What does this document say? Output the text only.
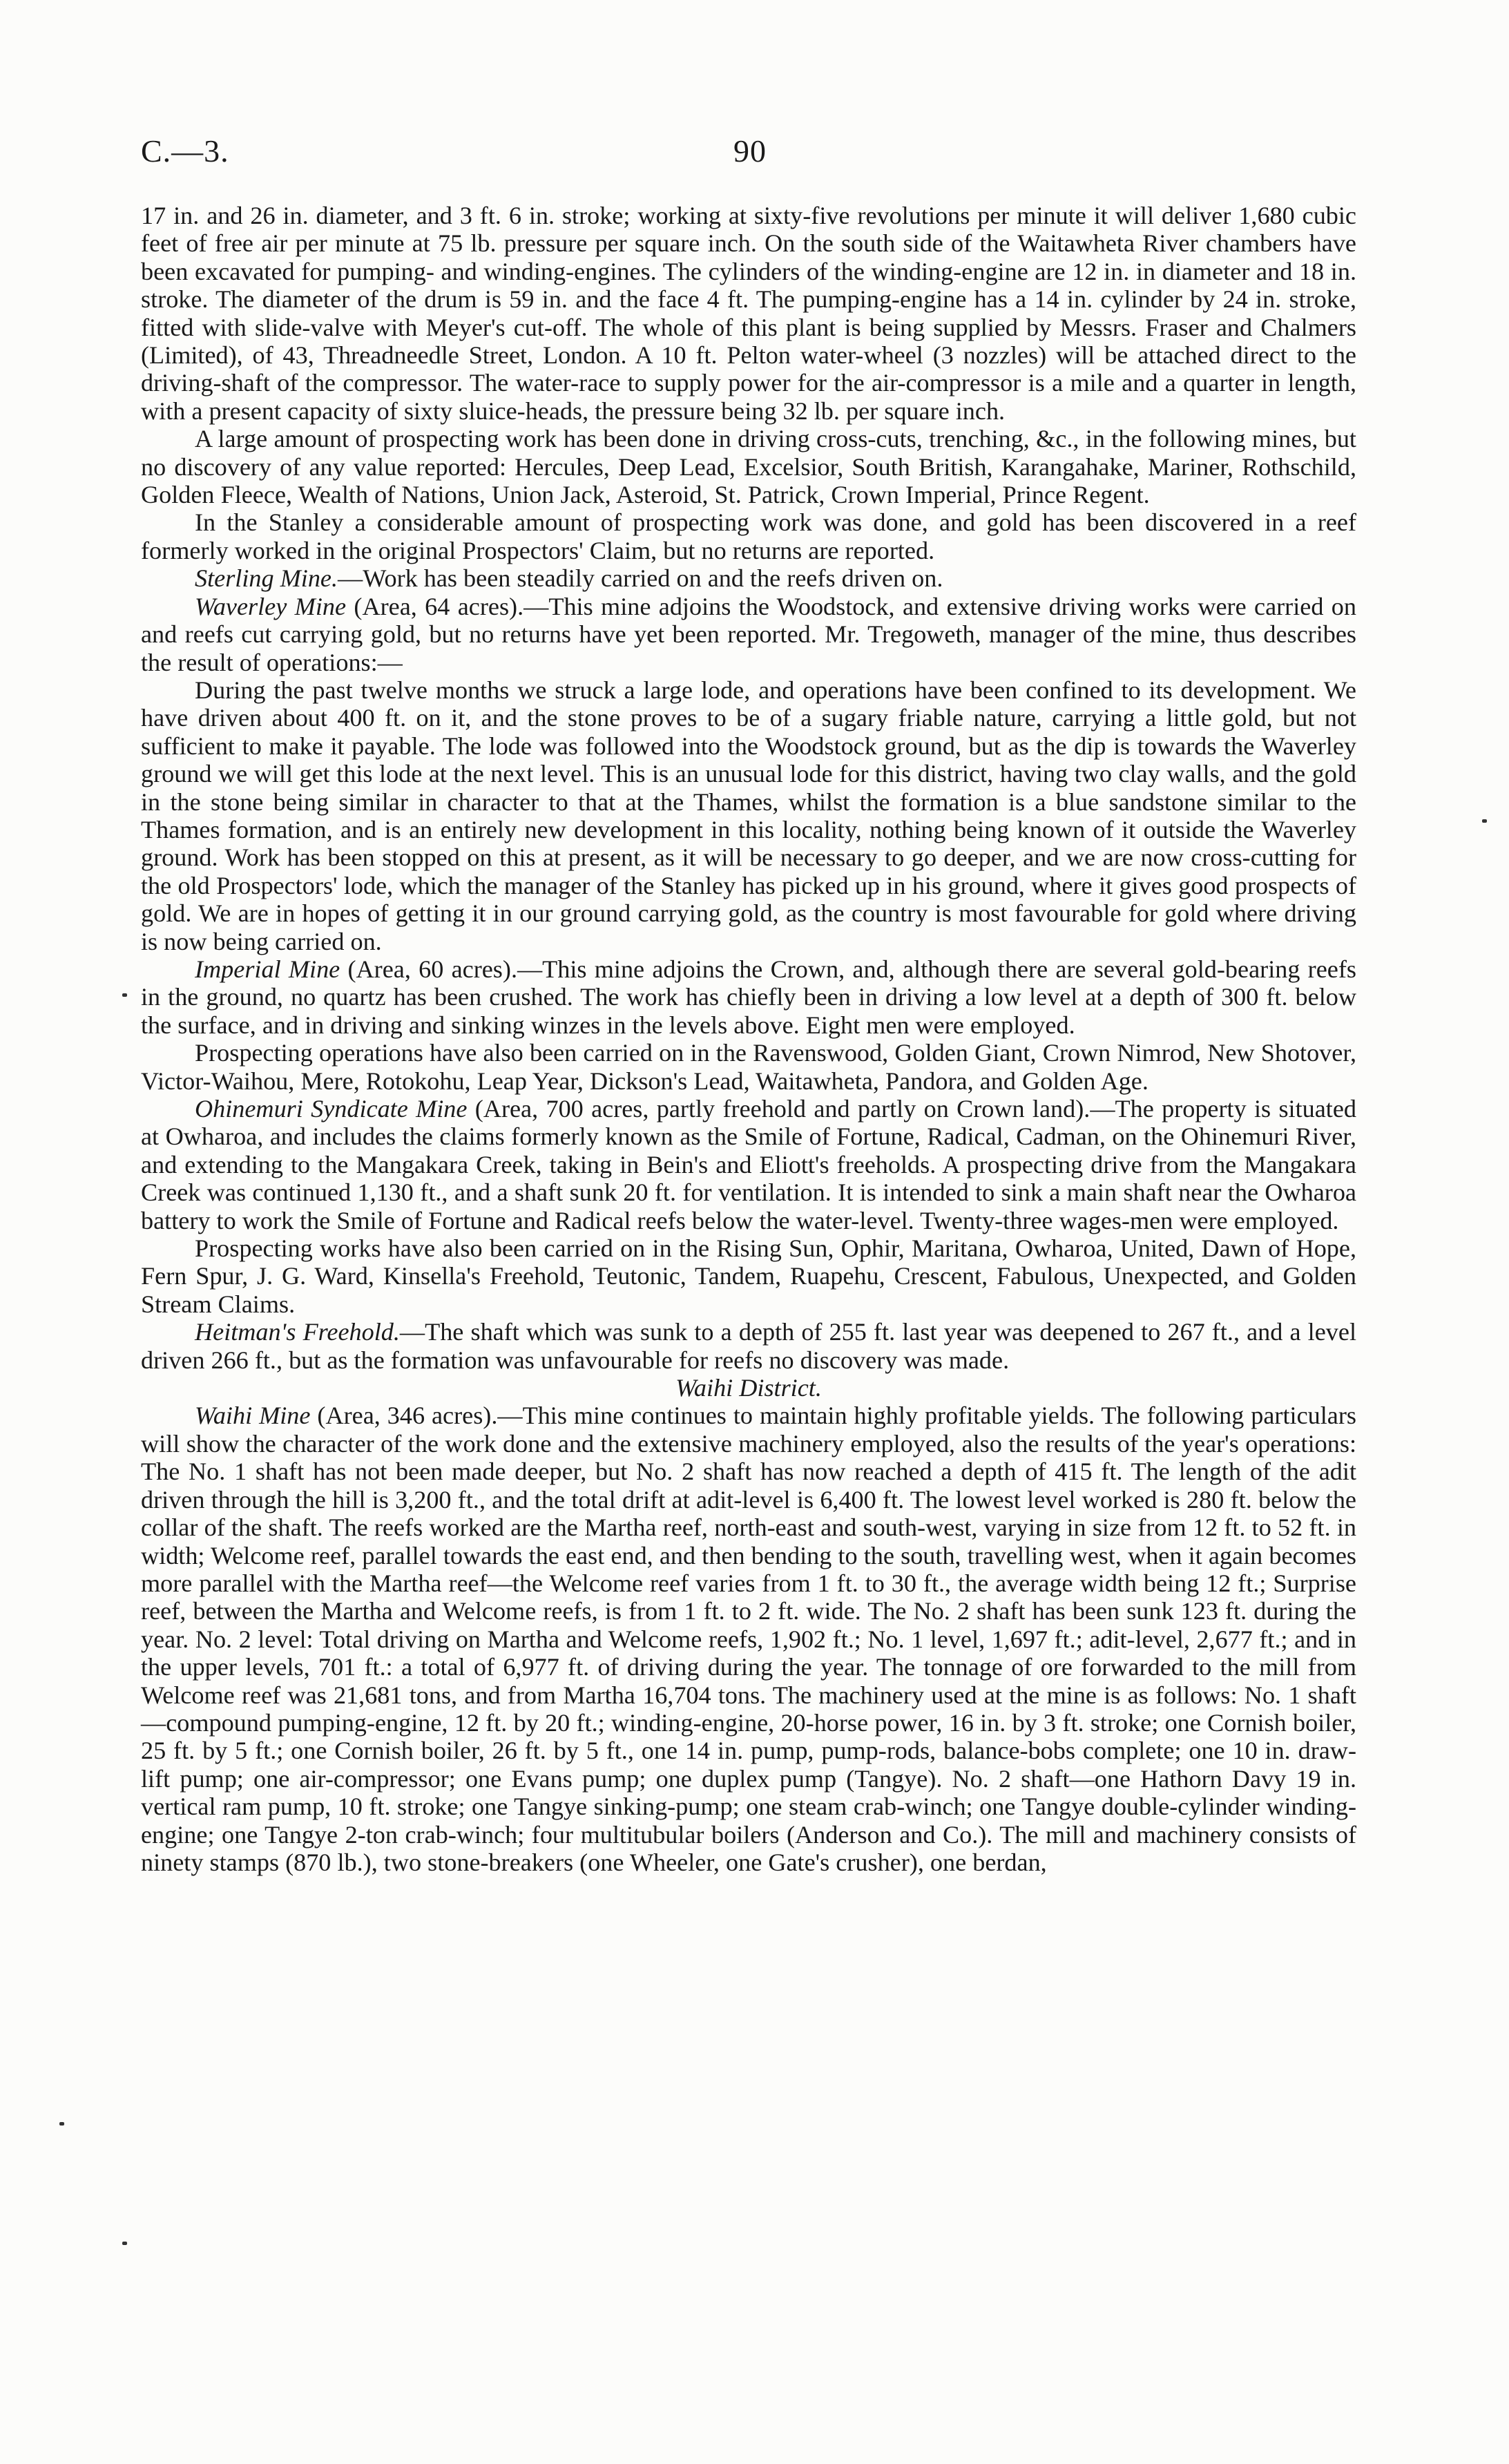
C.—3.	90

17 in. and 26 in. diameter, and 3 ft. 6 in. stroke; working at sixty-five revolutions per minute it will deliver 1,680 cubic feet of free air per minute at 75 lb. pressure per square inch. On the south side of the Waitawheta River chambers have been excavated for pumping- and winding-engines. The cylinders of the winding-engine are 12 in. in diameter and 18 in. stroke. The diameter of the drum is 59 in. and the face 4 ft. The pumping-engine has a 14 in. cylinder by 24 in. stroke, fitted with slide-valve with Meyer's cut-off. The whole of this plant is being supplied by Messrs. Fraser and Chalmers (Limited), of 43, Threadneedle Street, London. A 10 ft. Pelton water-wheel (3 nozzles) will be attached direct to the driving-shaft of the compressor. The water-race to supply power for the air-compressor is a mile and a quarter in length, with a present capacity of sixty sluice-heads, the pressure being 32 lb. per square inch.

A large amount of prospecting work has been done in driving cross-cuts, trenching, &c., in the following mines, but no discovery of any value reported: Hercules, Deep Lead, Excelsior, South British, Karangahake, Mariner, Rothschild, Golden Fleece, Wealth of Nations, Union Jack, Asteroid, St. Patrick, Crown Imperial, Prince Regent.

In the Stanley a considerable amount of prospecting work was done, and gold has been discovered in a reef formerly worked in the original Prospectors' Claim, but no returns are reported.

Sterling Mine.—Work has been steadily carried on and the reefs driven on.

Waverley Mine (Area, 64 acres).—This mine adjoins the Woodstock, and extensive driving works were carried on and reefs cut carrying gold, but no returns have yet been reported. Mr. Tregoweth, manager of the mine, thus describes the result of operations:—

During the past twelve months we struck a large lode, and operations have been confined to its development. We have driven about 400 ft. on it, and the stone proves to be of a sugary friable nature, carrying a little gold, but not sufficient to make it payable. The lode was followed into the Woodstock ground, but as the dip is towards the Waverley ground we will get this lode at the next level. This is an unusual lode for this district, having two clay walls, and the gold in the stone being similar in character to that at the Thames, whilst the formation is a blue sandstone similar to the Thames formation, and is an entirely new development in this locality, nothing being known of it outside the Waverley ground. Work has been stopped on this at present, as it will be necessary to go deeper, and we are now cross-cutting for the old Prospectors' lode, which the manager of the Stanley has picked up in his ground, where it gives good prospects of gold. We are in hopes of getting it in our ground carrying gold, as the country is most favourable for gold where driving is now being carried on.

Imperial Mine (Area, 60 acres).—This mine adjoins the Crown, and, although there are several gold-bearing reefs in the ground, no quartz has been crushed. The work has chiefly been in driving a low level at a depth of 300 ft. below the surface, and in driving and sinking winzes in the levels above. Eight men were employed.

Prospecting operations have also been carried on in the Ravenswood, Golden Giant, Crown Nimrod, New Shotover, Victor-Waihou, Mere, Rotokohu, Leap Year, Dickson's Lead, Waitawheta, Pandora, and Golden Age.

Ohinemuri Syndicate Mine (Area, 700 acres, partly freehold and partly on Crown land).—The property is situated at Owharoa, and includes the claims formerly known as the Smile of Fortune, Radical, Cadman, on the Ohinemuri River, and extending to the Mangakara Creek, taking in Bein's and Eliott's freeholds. A prospecting drive from the Mangakara Creek was continued 1,130 ft., and a shaft sunk 20 ft. for ventilation. It is intended to sink a main shaft near the Owharoa battery to work the Smile of Fortune and Radical reefs below the water-level. Twenty-three wages-men were employed.

Prospecting works have also been carried on in the Rising Sun, Ophir, Maritana, Owharoa, United, Dawn of Hope, Fern Spur, J. G. Ward, Kinsella's Freehold, Teutonic, Tandem, Ruapehu, Crescent, Fabulous, Unexpected, and Golden Stream Claims.

Heitman's Freehold.—The shaft which was sunk to a depth of 255 ft. last year was deepened to 267 ft., and a level driven 266 ft., but as the formation was unfavourable for reefs no discovery was made.

Waihi District.

Waihi Mine (Area, 346 acres).—This mine continues to maintain highly profitable yields. The following particulars will show the character of the work done and the extensive machinery employed, also the results of the year's operations: The No. 1 shaft has not been made deeper, but No. 2 shaft has now reached a depth of 415 ft. The length of the adit driven through the hill is 3,200 ft., and the total drift at adit-level is 6,400 ft. The lowest level worked is 280 ft. below the collar of the shaft. The reefs worked are the Martha reef, north-east and south-west, varying in size from 12 ft. to 52 ft. in width; Welcome reef, parallel towards the east end, and then bending to the south, travelling west, when it again becomes more parallel with the Martha reef—the Welcome reef varies from 1 ft. to 30 ft., the average width being 12 ft.; Surprise reef, between the Martha and Welcome reefs, is from 1 ft. to 2 ft. wide. The No. 2 shaft has been sunk 123 ft. during the year. No. 2 level: Total driving on Martha and Welcome reefs, 1,902 ft.; No. 1 level, 1,697 ft.; adit-level, 2,677 ft.; and in the upper levels, 701 ft.: a total of 6,977 ft. of driving during the year. The tonnage of ore forwarded to the mill from Welcome reef was 21,681 tons, and from Martha 16,704 tons. The machinery used at the mine is as follows: No. 1 shaft—compound pumping-engine, 12 ft. by 20 ft.; winding-engine, 20-horse power, 16 in. by 3 ft. stroke; one Cornish boiler, 25 ft. by 5 ft.; one Cornish boiler, 26 ft. by 5 ft., one 14 in. pump, pump-rods, balance-bobs complete; one 10 in. draw-lift pump; one air-compressor; one Evans pump; one duplex pump (Tangye). No. 2 shaft—one Hathorn Davy 19 in. vertical ram pump, 10 ft. stroke; one Tangye sinking-pump; one steam crab-winch; one Tangye double-cylinder winding-engine; one Tangye 2-ton crab-winch; four multitubular boilers (Anderson and Co.). The mill and machinery consists of ninety stamps (870 lb.), two stone-breakers (one Wheeler, one Gate's crusher), one berdan,
